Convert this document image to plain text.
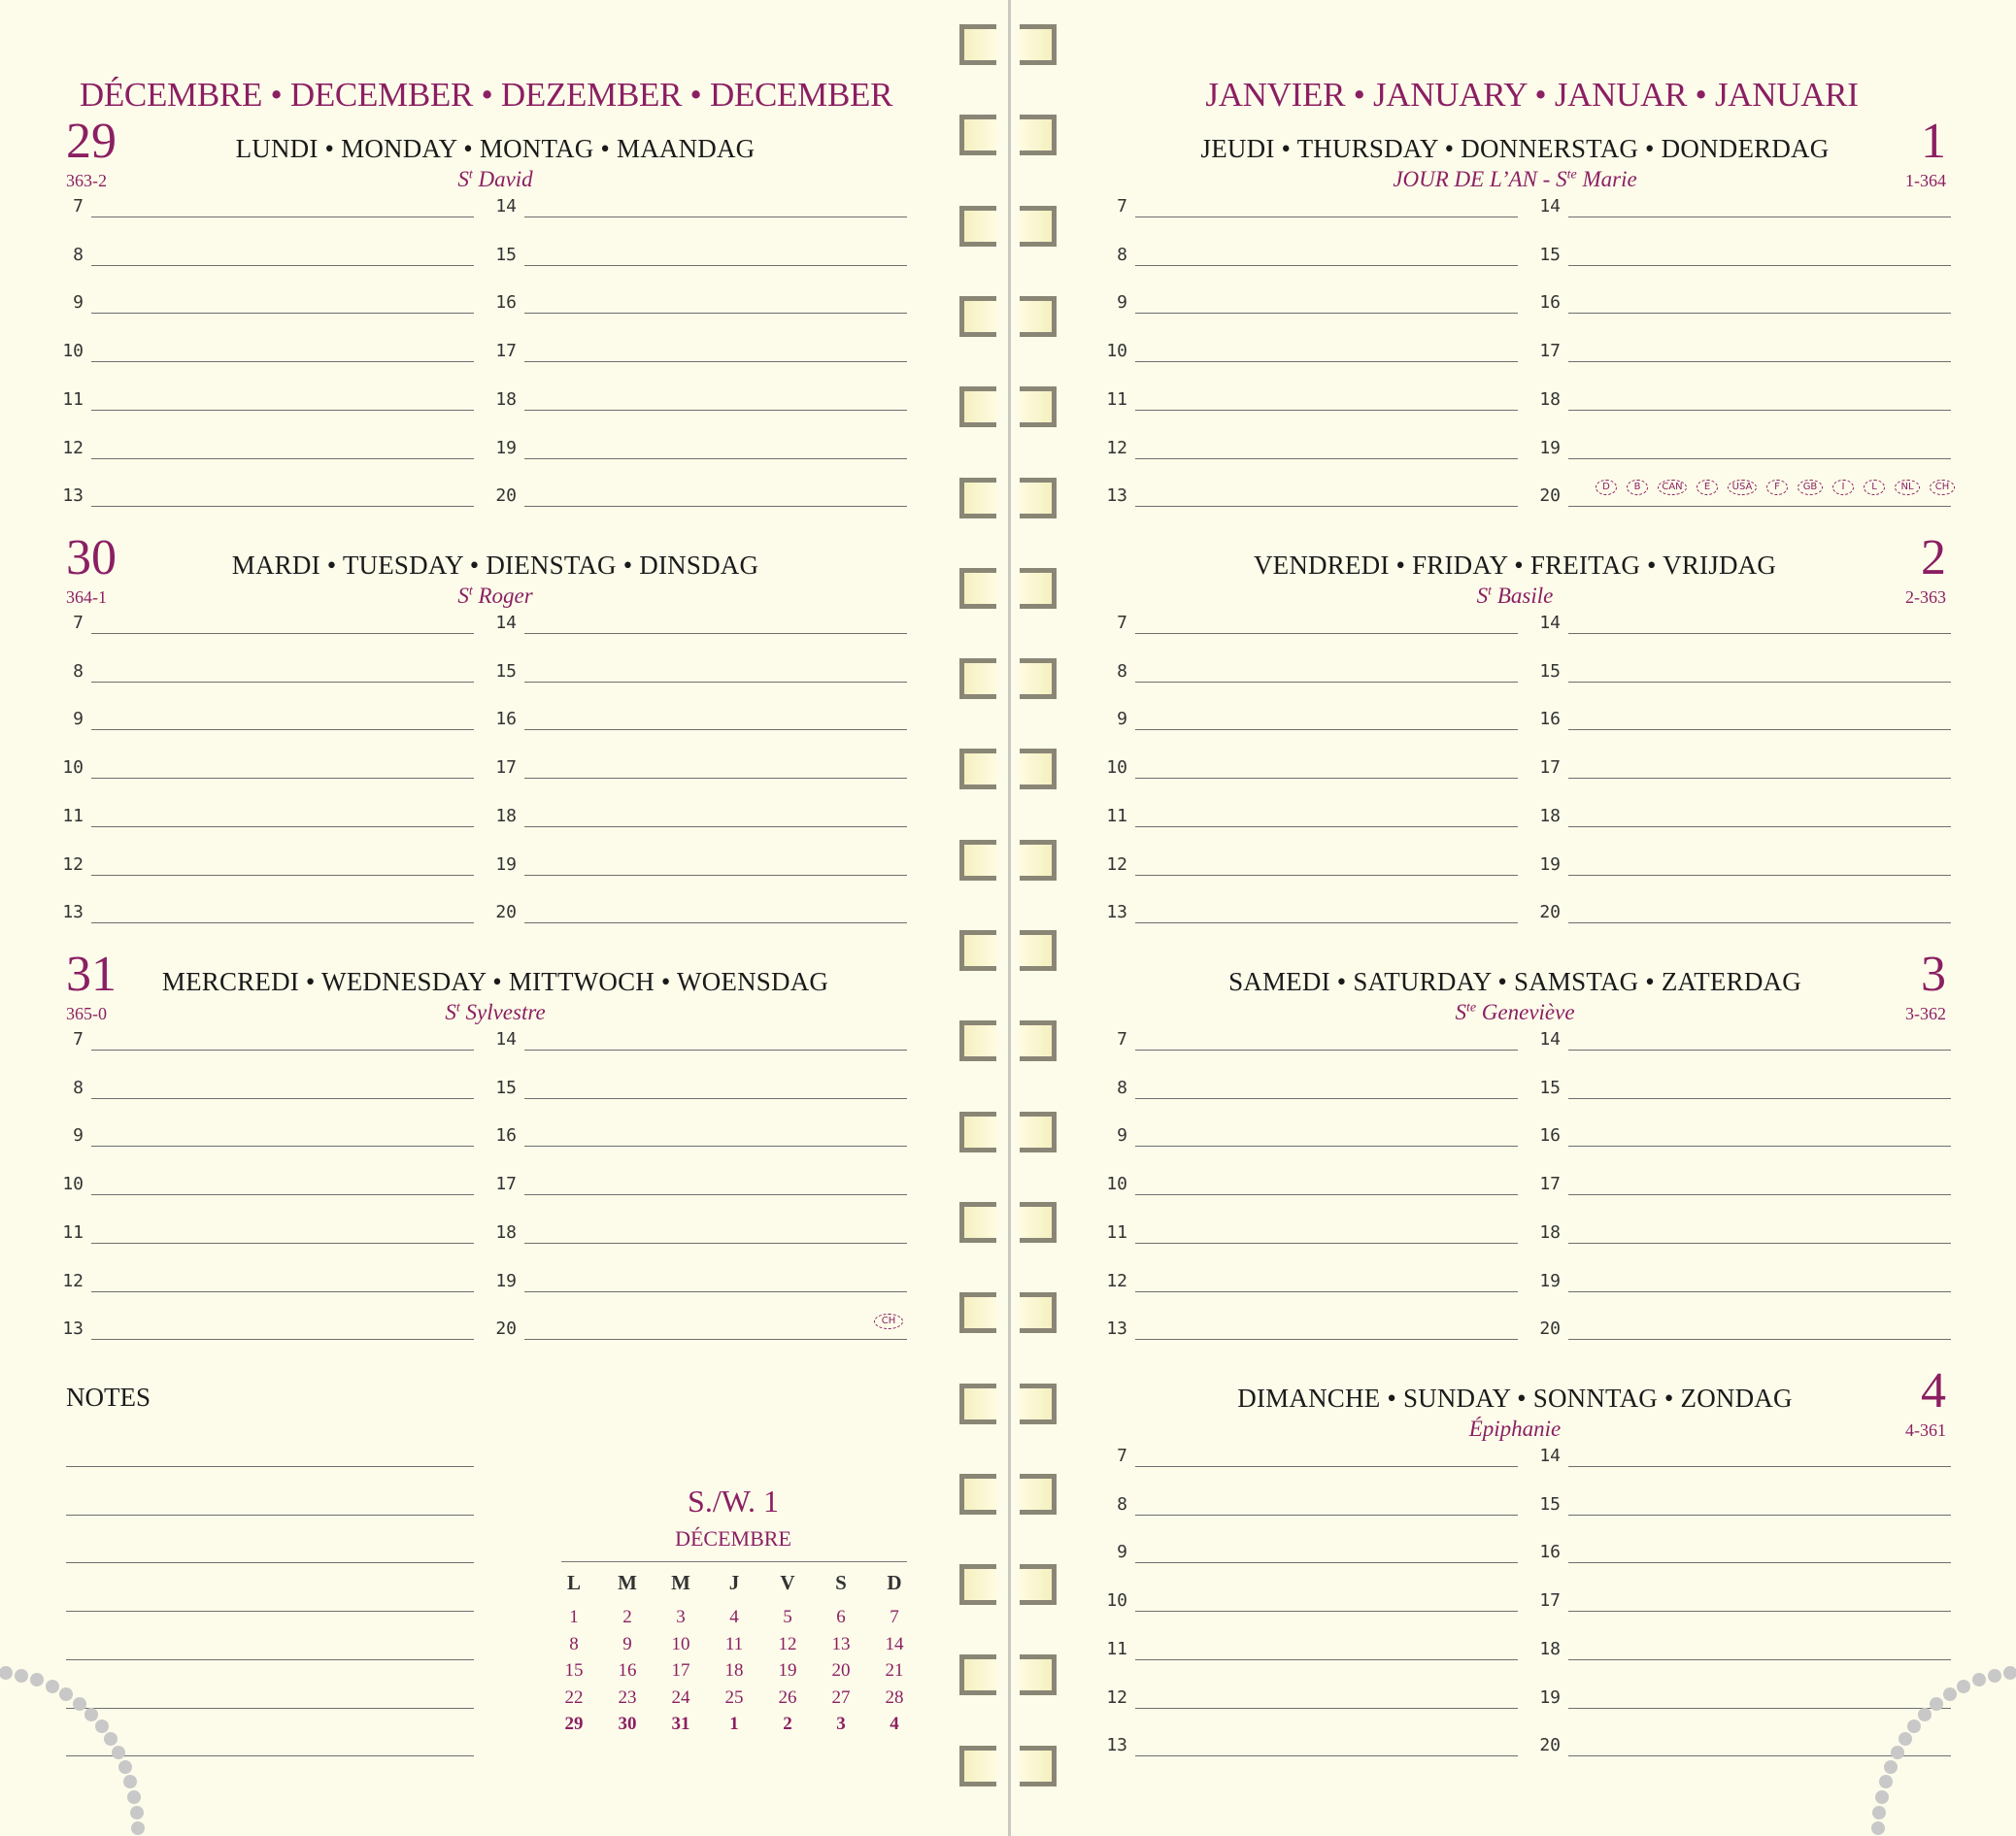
DÉCEMBRE • DECEMBER • DEZEMBER • DECEMBER	JANVIER • JANUARY • JANUAR • JANUARI
29	LUNDI • MONDAY • MONTAG • MAANDAG
363-2	$S^t$ David
7	14
8	15
9	16
10	17
11	18
12	19
13	20
30	MARDI • TUESDAY • DIENSTAG • DINSDAG
364-1	$S^t$ Roger
7	14
8	15
9	16
10	17
11	18
12	19
13	20
31	MERCREDI • WEDNESDAY • MITTWOCH • WOENSDAG
365-0	$S^t$ Sylvestre
7	14
8	15
9	16
10	17
11	18
12	19
13	20	CH
1
JEUDI • THURSDAY • DONNERSTAG • DONDERDAG
1-364
JOUR DE L’AN - $S^{te}$ Marie
7	14
8	15
9	16
10	17
11	18
12	19
13	20
2
VENDREDI • FRIDAY • FREITAG • VRIJDAG
2-363
$S^t$ Basile
7	14
8	15
9	16
10	17
11	18
12	19
13	20
3
SAMEDI • SATURDAY • SAMSTAG • ZATERDAG
3-362
$S^{te}$ Geneviève
7	14
8	15
9	16
10	17
11	18
12	19
13	20
4
DIMANCHE • SUNDAY • SONNTAG • ZONDAG
4-361
Épiphanie
7	14
8	15
9	16
10	17
11	18
12	19
13	20
D	B	CAN	E	USA	F	GB	I	L	NL	CH
NOTES
S./W. 1
DÉCEMBRE
L	M	M	J	V	S	D
1	2	3	4	5	6	7
8	9	10	11	12	13	14
15	16	17	18	19	20	21
22	23	24	25	26	27	28
29	30	31	1	2	3	4
